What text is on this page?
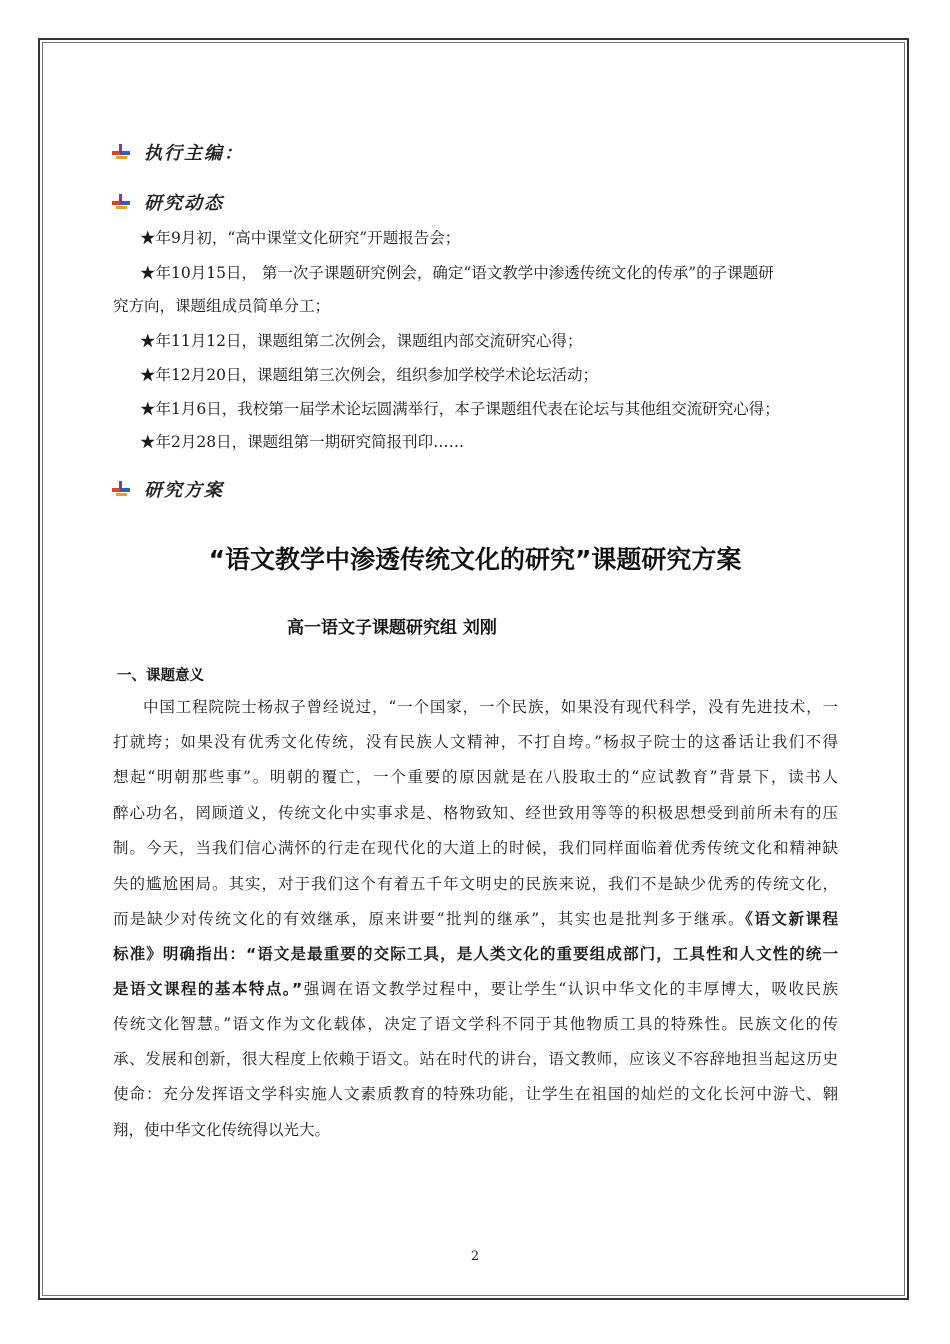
执行主编：
研究动态
★年9月初，“高中课堂文化研究”开题报告会；
★年10月15日， 第一次子课题研究例会，确定“语文教学中渗透传统文化的传承”的子课题研
究方向，课题组成员简单分工；
★年11月12日，课题组第二次例会，课题组内部交流研究心得；
★年12月20日，课题组第三次例会，组织参加学校学术论坛活动；
★年1月6日，我校第一届学术论坛圆满举行，本子课题组代表在论坛与其他组交流研究心得；
★年2月28日，课题组第一期研究简报刊印……
研究方案
“语文教学中渗透传统文化的研究”课题研究方案
高一语文子课题研究组 刘刚
一、课题意义
中国工程院院士杨叔子曾经说过，“一个国家，一个民族，如果没有现代科学，没有先进技术，一
打就垮；如果没有优秀文化传统，没有民族人文精神，不打自垮。”杨叔子院士的这番话让我们不得
想起“明朝那些事”。明朝的覆亡，一个重要的原因就是在八股取士的“应试教育”背景下，读书人
醉心功名，罔顾道义，传统文化中实事求是、格物致知、经世致用等等的积极思想受到前所未有的压
制。今天，当我们信心满怀的行走在现代化的大道上的时候，我们同样面临着优秀传统文化和精神缺
失的尴尬困局。其实，对于我们这个有着五千年文明史的民族来说，我们不是缺少优秀的传统文化，
而是缺少对传统文化的有效继承，原来讲要“批判的继承”，其实也是批判多于继承。《语文新课程
标准》明确指出：“语文是最重要的交际工具，是人类文化的重要组成部门，工具性和人文性的统一
是语文课程的基本特点。”强调在语文教学过程中，要让学生“认识中华文化的丰厚博大，吸收民族
传统文化智慧。”语文作为文化载体，决定了语文学科不同于其他物质工具的特殊性。民族文化的传
承、发展和创新，很大程度上依赖于语文。站在时代的讲台，语文教师，应该义不容辞地担当起这历史
使命：充分发挥语文学科实施人文素质教育的特殊功能，让学生在祖国的灿烂的文化长河中游弋、翱
翔，使中华文化传统得以光大。
2
